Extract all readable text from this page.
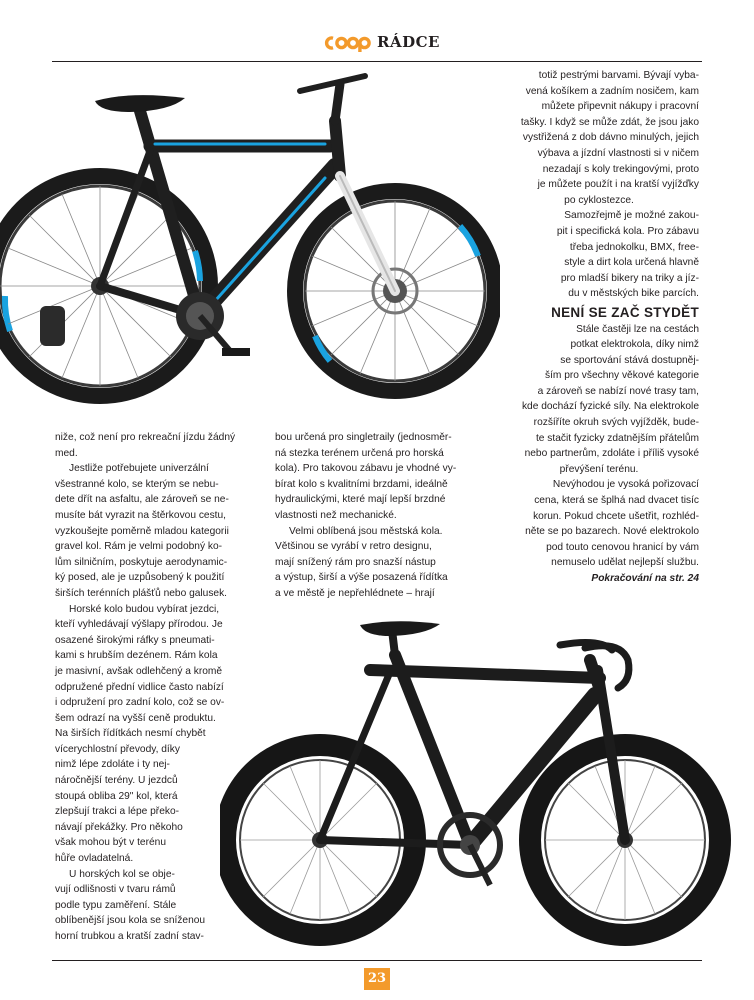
RÁDCE

totiž pestrými barvami. Bývají vyba-

vená košíkem a zadním nosičem, kam

můžete připevnit nákupy i pracovní

tašky. I když se může zdát, že jsou jako

vystřižená z dob dávno minulých, jejich

výbava a jízdní vlastnosti si v ničem

nezadají s koly trekingovými, proto

je můžete použít i na kratší vyjížďky

po cyklostezce.

Samozřejmě je možné zakou-

pit i specifická kola. Pro zábavu

třeba jednokolku, BMX, free-

style a dirt kola určená hlavně

pro mladší bikery na triky a jíz-

du v městských bike parcích.

NENÍ SE ZAČ STYDĚT

Stále častěji lze na cestách

potkat elektrokola, díky nimž

se sportování stává dostupněj-

ším pro všechny věkové kategorie

a zároveň se nabízí nové trasy tam,

kde dochází fyzické síly. Na elektrokole

rozšíříte okruh svých vyjížděk, bude-

te stačit fyzicky zdatnějším přátelům

nebo partnerům, zdoláte i příliš vysoké

převýšení terénu.

Nevýhodou je vysoká pořizovací

cena, která se šplhá nad dvacet tisíc

korun. Pokud chcete ušetřit, rozhléd-

něte se po bazarech. Nové elektrokolo

pod touto cenovou hranicí by vám

nemuselo udělat nejlepší službu.

Pokračování na str. 24

niže, což není pro rekreační jízdu žádný

med.

Jestliže potřebujete univerzální

všestranné kolo, se kterým se nebu-

dete dřít na asfaltu, ale zároveň se ne-

musíte bát vyrazit na štěrkovou cestu,

vyzkoušejte poměrně mladou kategorii

gravel kol. Rám je velmi podobný ko-

lům silničním, poskytuje aerodynamic-

ký posed, ale je uzpůsobený k použití

širších terénních plášťů nebo galusek.

Horské kolo budou vybírat jezdci,

kteří vyhledávají výšlapy přírodou. Je

osazené širokými ráfky s pneumati-

kami s hrubším dezénem. Rám kola

je masivní, avšak odlehčený a kromě

odpružené přední vidlice často nabízí

i odpružení pro zadní kolo, což se ov-

šem odrazí na vyšší ceně produktu.

Na širších řídítkách nesmí chybět

vícerychlostní převody, díky

nimž lépe zdoláte i ty nej-

náročnější terény. U jezdců

stoupá obliba 29" kol, která

zlepšují trakci a lépe překo-

návají překážky. Pro někoho

však mohou být v terénu

hůře ovladatelná.

U horských kol se obje-

vují odlišnosti v tvaru rámů

podle typu zaměření. Stále

oblíbenější jsou kola se sníženou

horní trubkou a kratší zadní stav-

bou určená pro singletraily (jednosměr-

ná stezka terénem určená pro horská

kola). Pro takovou zábavu je vhodné vy-

bírat kolo s kvalitními brzdami, ideálně

hydraulickými, které mají lepší brzdné

vlastnosti než mechanické.

Velmi oblíbená jsou městská kola.

Většinou se vyrábí v retro designu,

mají snížený rám pro snazší nástup

a výstup, širší a výše posazená řídítka

a ve městě je nepřehlédnete – hrají

23
